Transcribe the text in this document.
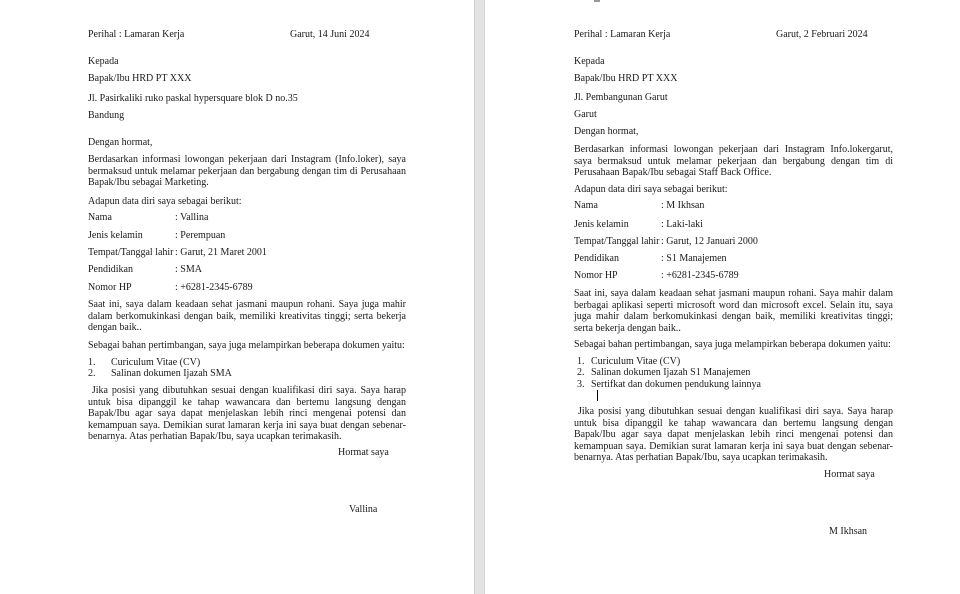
Perihal : Lamaran Kerja	Garut, 14 Juni 2024
Kepada
Bapak/Ibu HRD PT XXX
Jl. Pasirkaliki ruko paskal hypersquare blok D no.35
Bandung
Dengan hormat,
Berdasarkan informasi lowongan pekerjaan dari Instagram (Info.loker), saya bermaksud untuk melamar pekerjaan dan bergabung dengan tim di Perusahaan Bapak/Ibu sebagai Marketing.
Adapun data diri saya sebagai berikut:
Nama	: Vallina
Jenis kelamin	: Perempuan
Tempat/Tanggal lahir : Garut, 21 Maret 2001
Pendidikan	: SMA
Nomor HP	: +6281-2345-6789
Saat ini, saya dalam keadaan sehat jasmani maupun rohani. Saya juga mahir dalam berkomukinkasi dengan baik, memiliki kreativitas tinggi; serta bekerja dengan baik..
Sebagai bahan pertimbangan, saya juga melampirkan beberapa dokumen yaitu:
1. Curiculum Vitae (CV)
2. Salinan dokumen Ijazah SMA
Jika posisi yang dibutuhkan sesuai dengan kualifikasi diri saya. Saya harap untuk bisa dipanggil ke tahap wawancara dan bertemu langsung dengan Bapak/Ibu agar saya dapat menjelaskan lebih rinci mengenai potensi dan kemampuan saya. Demikian surat lamaran kerja ini saya buat dengan sebenar-benarnya. Atas perhatian Bapak/Ibu, saya ucapkan terimakasih.
Hormat saya
Vallina
Perihal : Lamaran Kerja	Garut, 2 Februari 2024
Kepada
Bapak/Ibu HRD PT XXX
Jl. Pembangunan Garut
Garut
Dengan hormat,
Berdasarkan informasi lowongan pekerjaan dari Instagram Info.lokergarut, saya bermaksud untuk melamar pekerjaan dan bergabung dengan tim di Perusahaan Bapak/Ibu sebagai Staff Back Office.
Adapun data diri saya sebagai berikut:
Nama	: M Ikhsan
Jenis kelamin	: Laki-laki
Tempat/Tanggal lahir : Garut, 12 Januari 2000
Pendidikan	: S1 Manajemen
Nomor HP	: +6281-2345-6789
Saat ini, saya dalam keadaan sehat jasmani maupun rohani. Saya mahir dalam berbagai aplikasi seperti microsoft word dan microsoft excel. Selain itu, saya juga mahir dalam berkomukinkasi dengan baik, memiliki kreativitas tinggi; serta bekerja dengan baik..
Sebagai bahan pertimbangan, saya juga melampirkan beberapa dokumen yaitu:
1. Curiculum Vitae (CV)
2. Salinan dokumen Ijazah S1 Manajemen
3. Sertifkat dan dokumen pendukung lainnya
Jika posisi yang dibutuhkan sesuai dengan kualifikasi diri saya. Saya harap untuk bisa dipanggil ke tahap wawancara dan bertemu langsung dengan Bapak/Ibu agar saya dapat menjelaskan lebih rinci mengenai potensi dan kemampuan saya. Demikian surat lamaran kerja ini saya buat dengan sebenar-benarnya. Atas perhatian Bapak/Ibu, saya ucapkan terimakasih.
Hormat saya
M Ikhsan
